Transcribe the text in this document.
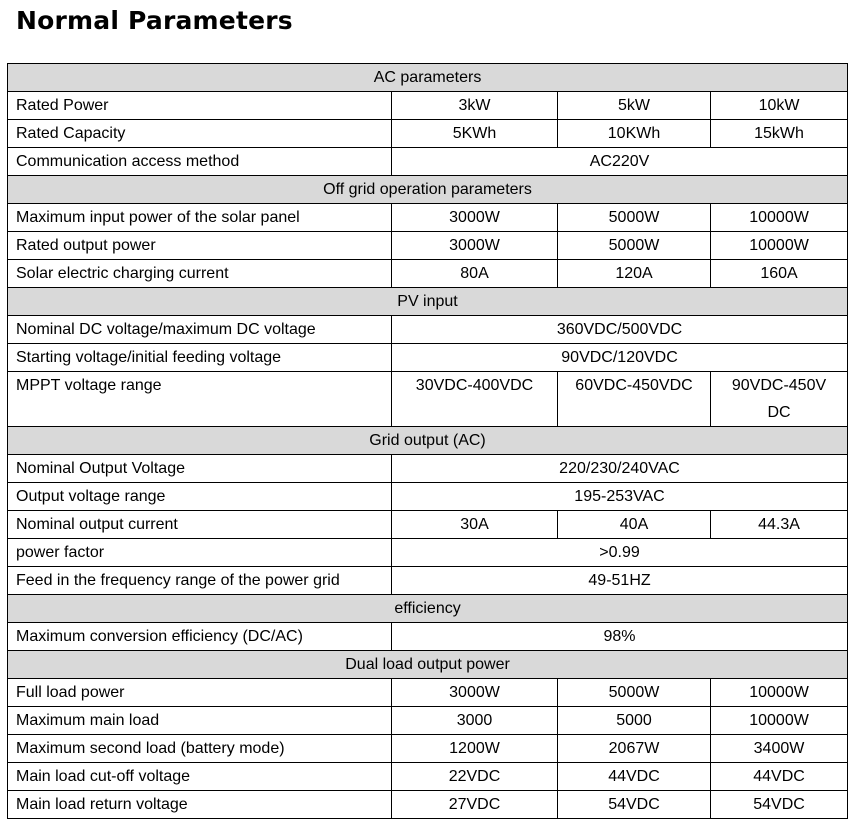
Normal Parameters
AC parameters			
Rated Power	3kW	5kW	10kW
Rated Capacity	5KWh	10KWh	15kWh
Communication access method	AC220V		
Off grid operation parameters			
Maximum input power of the solar panel	3000W	5000W	10000W
Rated output power	3000W	5000W	10000W
Solar electric charging current	80A	120A	160A
PV input			
Nominal DC voltage/maximum DC voltage	360VDC/500VDC		
Starting voltage/initial feeding voltage	90VDC/120VDC		
MPPT voltage range	30VDC-400VDC	60VDC-450VDC	90VDC-450V DC
Grid output (AC)			
Nominal Output Voltage	220/230/240VAC		
Output voltage range	195-253VAC		
Nominal output current	30A	40A	44.3A
power factor	>0.99		
Feed in the frequency range of the power grid	49-51HZ		
efficiency			
Maximum conversion efficiency (DC/AC)	98%		
Dual load output power			
Full load power	3000W	5000W	10000W
Maximum main load	3000	5000	10000W
Maximum second load (battery mode)	1200W	2067W	3400W
Main load cut-off voltage	22VDC	44VDC	44VDC
Main load return voltage	27VDC	54VDC	54VDC
